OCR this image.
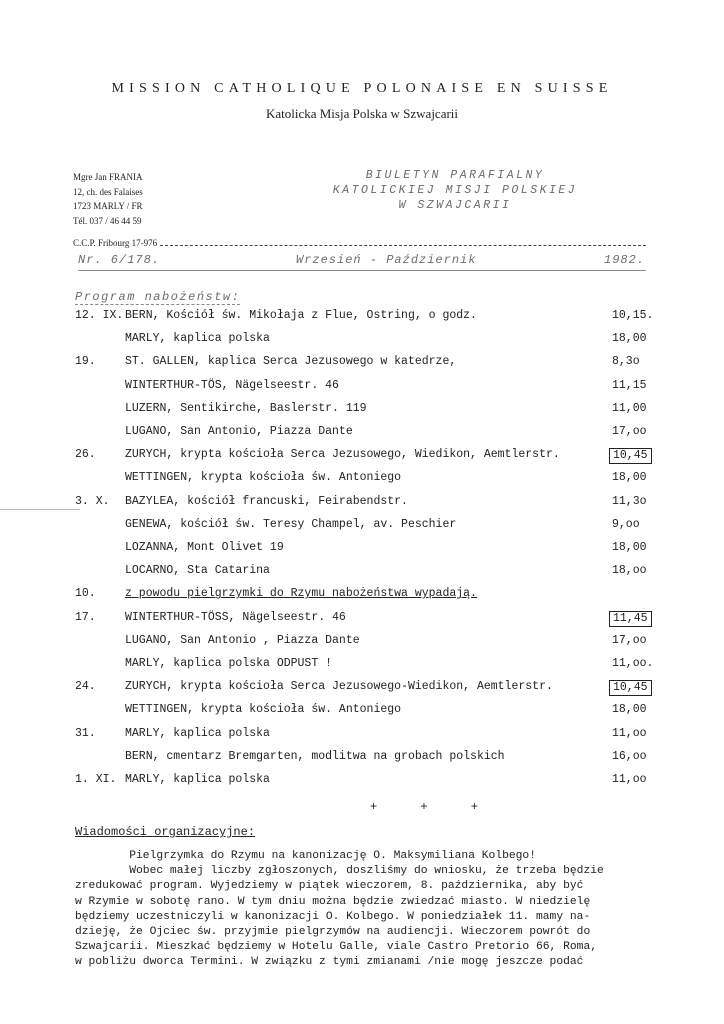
MISSION CATHOLIQUE POLONAISE EN SUISSE
Katolicka Misja Polska w Szwajcarii
Mgre Jan FRANIA
12, ch. des Falaises
1723 MARLY / FR
Tél. 037 / 46 44 59
BIULETYN PARAFIALNY
KATOLICKIEJ MISJI POLSKIEJ
W SZWAJCARII
C.C.P. Fribourg 17-976
Nr. 6/178.	Wrzesień - Październik	1982.
Program nabożeństw:
12. IX. BERN, Kościół św. Mikołaja z Flue, Ostring, o godz.	10,15.
MARLY, kaplica polska	18,00
19.	ST. GALLEN, kaplica Serca Jezusowego w katedrze,	8,3o
WINTERTHUR-TÖS, Nägelseestr. 46	11,15
LUZERN, Sentikirche, Baslerstr. 119	11,00
LUGANO, San Antonio, Piazza Dante	17,oo
26.	ZURYCH, krypta kościoła Serca Jezusowego, Wiedikon, Aemtlerstr.	10,45
WETTINGEN, krypta kościoła św. Antoniego	18,00
3. X. BAZYLEA, kościół francuski, Feirabendstr.	11,3o
GENEWA, kościół św. Teresy Champel, av. Peschier	9,oo
LOZANNA, Mont Olivet 19	18,00
LOCARNO, Sta Catarina	18,oo
10.	z powodu pielgrzymki do Rzymu nabożeństwa wypadają.
17.	WINTERTHUR-TÖSS, Nägelseestr. 46	11,45
LUGANO, San Antonio , Piazza Dante	17,oo
MARLY, kaplica polska ODPUST !	11,oo.
24.	ZURYCH, krypta kościoła Serca Jezusowego-Wiedikon, Aemtlerstr.	10,45
WETTINGEN, krypta kościoła św. Antoniego	18,00
31.	MARLY, kaplica polska	11,oo
BERN, cmentarz Bremgarten, modlitwa na grobach polskich	16,oo
1. XI. MARLY, kaplica polska	11,oo
+ + +
Wiadomości organizacyjne:
Pielgrzymka do Rzymu na kanonizację O. Maksymiliana Kolbego!
Wobec małej liczby zgłoszonych, doszliśmy do wniosku, że trzeba będzie
zredukować program. Wyjedziemy w piątek wieczorem, 8. października, aby być
w Rzymie w sobotę rano. W tym dniu można będzie zwiedzać miasto. W niedzielę
będziemy uczestniczyli w kanonizacji O. Kolbego. W poniedziałek 11. mamy na-
dzieję, że Ojciec św. przyjmie pielgrzymów na audiencji. Wieczorem powrót do
Szwajcarii. Mieszkać będziemy w Hotelu Galle, viale Castro Pretorio 66, Roma,
w pobliżu dworca Termini. W związku z tymi zmianami /nie mogę jeszcze podać
